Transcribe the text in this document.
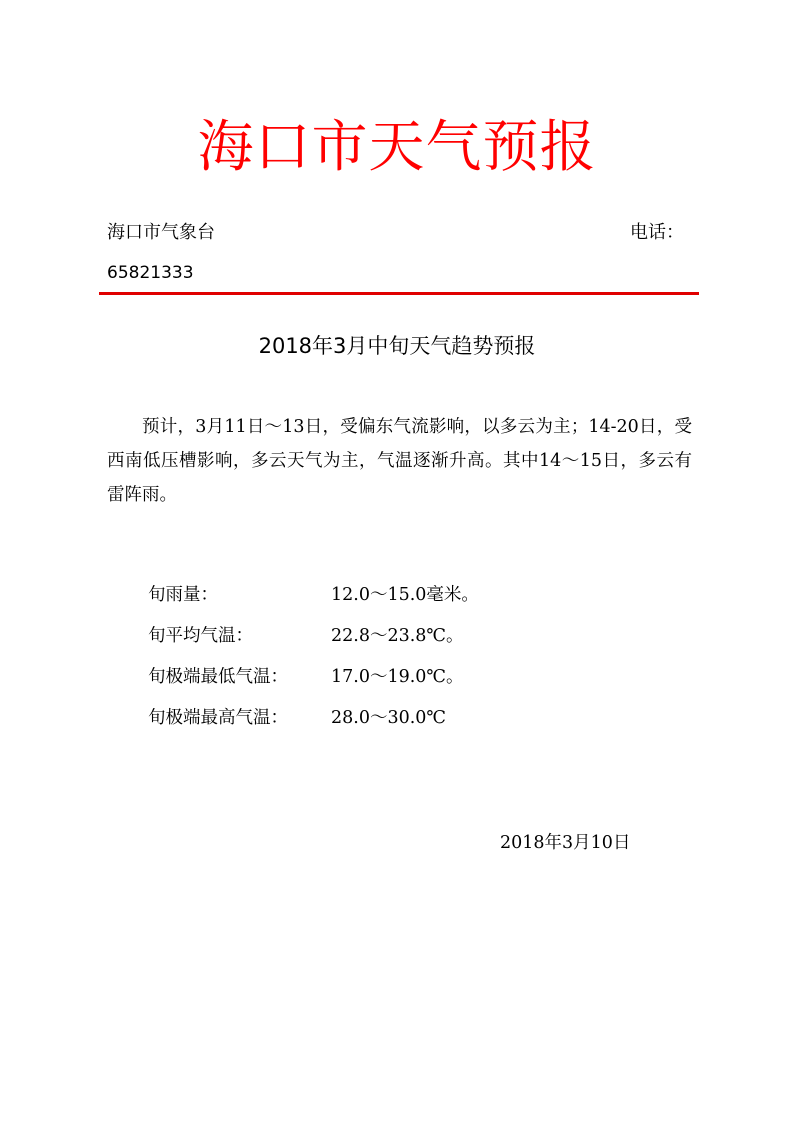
海口市天气预报
海口市气象台	电话：
65821333
2018年3月中旬天气趋势预报
预计，3月11日～13日，受偏东气流影响，以多云为主；14-20日，受西南低压槽影响，多云天气为主，气温逐渐升高。其中14～15日，多云有雷阵雨。
旬雨量：	12.0～15.0毫米。
旬平均气温：	22.8～23.8℃。
旬极端最低气温：	17.0～19.0℃。
旬极端最高气温：	28.0～30.0℃
2018年3月10日
